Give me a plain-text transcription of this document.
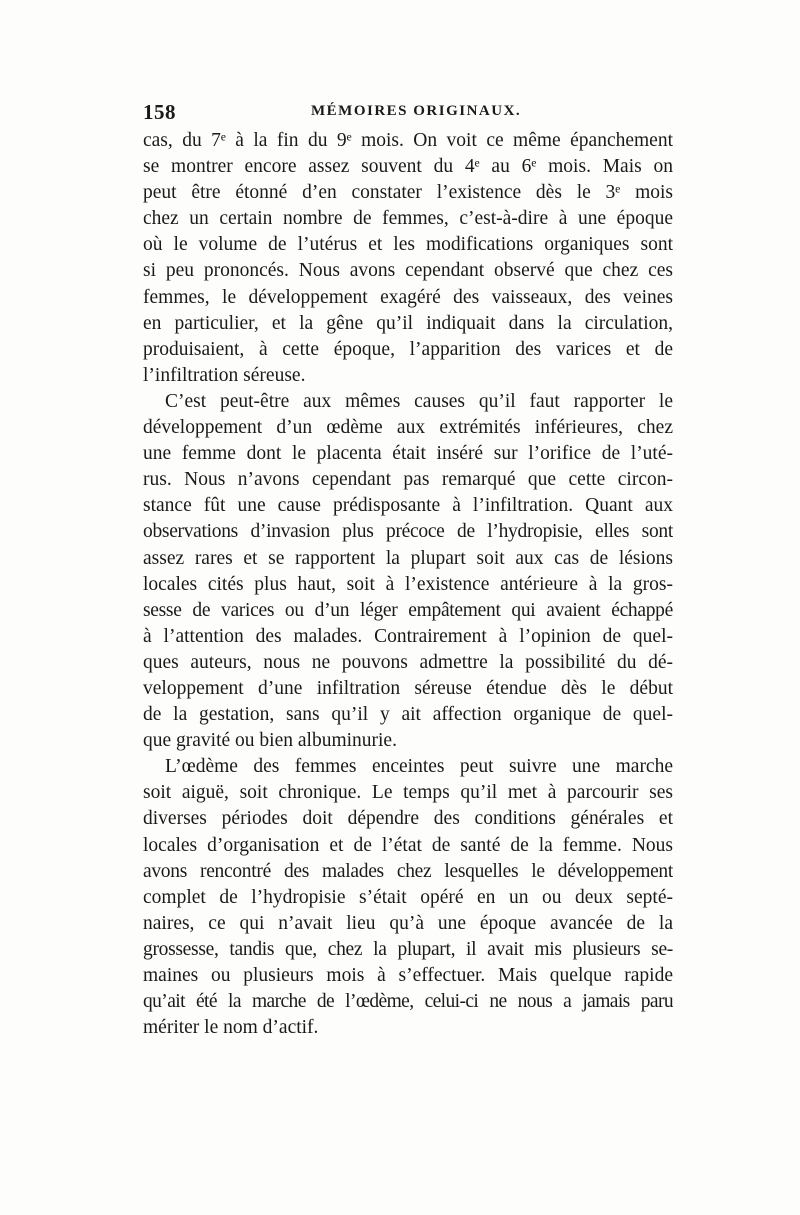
158	MÉMOIRES ORIGINAUX.
cas, du 7ᵉ à la fin du 9ᵉ mois. On voit ce même épanchement
se montrer encore assez souvent du 4ᵉ au 6ᵉ mois. Mais on
peut être étonné d’en constater l’existence dès le 3ᵉ mois
chez un certain nombre de femmes, c’est-à-dire à une époque
où le volume de l’utérus et les modifications organiques sont
si peu prononcés. Nous avons cependant observé que chez ces
femmes, le développement exagéré des vaisseaux, des veines
en particulier, et la gêne qu’il indiquait dans la circulation,
produisaient, à cette époque, l’apparition des varices et de
l’infiltration séreuse.
C’est peut-être aux mêmes causes qu’il faut rapporter le
développement d’un œdème aux extrémités inférieures, chez
une femme dont le placenta était inséré sur l’orifice de l’uté-
rus. Nous n’avons cependant pas remarqué que cette circon-
stance fût une cause prédisposante à l’infiltration. Quant aux
observations d’invasion plus précoce de l’hydropisie, elles sont
assez rares et se rapportent la plupart soit aux cas de lésions
locales cités plus haut, soit à l’existence antérieure à la gros-
sesse de varices ou d’un léger empâtement qui avaient échappé
à l’attention des malades. Contrairement à l’opinion de quel-
ques auteurs, nous ne pouvons admettre la possibilité du dé-
veloppement d’une infiltration séreuse étendue dès le début
de la gestation, sans qu’il y ait affection organique de quel-
que gravité ou bien albuminurie.
L’œdème des femmes enceintes peut suivre une marche
soit aiguë, soit chronique. Le temps qu’il met à parcourir ses
diverses périodes doit dépendre des conditions générales et
locales d’organisation et de l’état de santé de la femme. Nous
avons rencontré des malades chez lesquelles le développement
complet de l’hydropisie s’était opéré en un ou deux septé-
naires, ce qui n’avait lieu qu’à une époque avancée de la
grossesse, tandis que, chez la plupart, il avait mis plusieurs se-
maines ou plusieurs mois à s’effectuer. Mais quelque rapide
qu’ait été la marche de l’œdème, celui-ci ne nous a jamais paru
mériter le nom d’actif.
